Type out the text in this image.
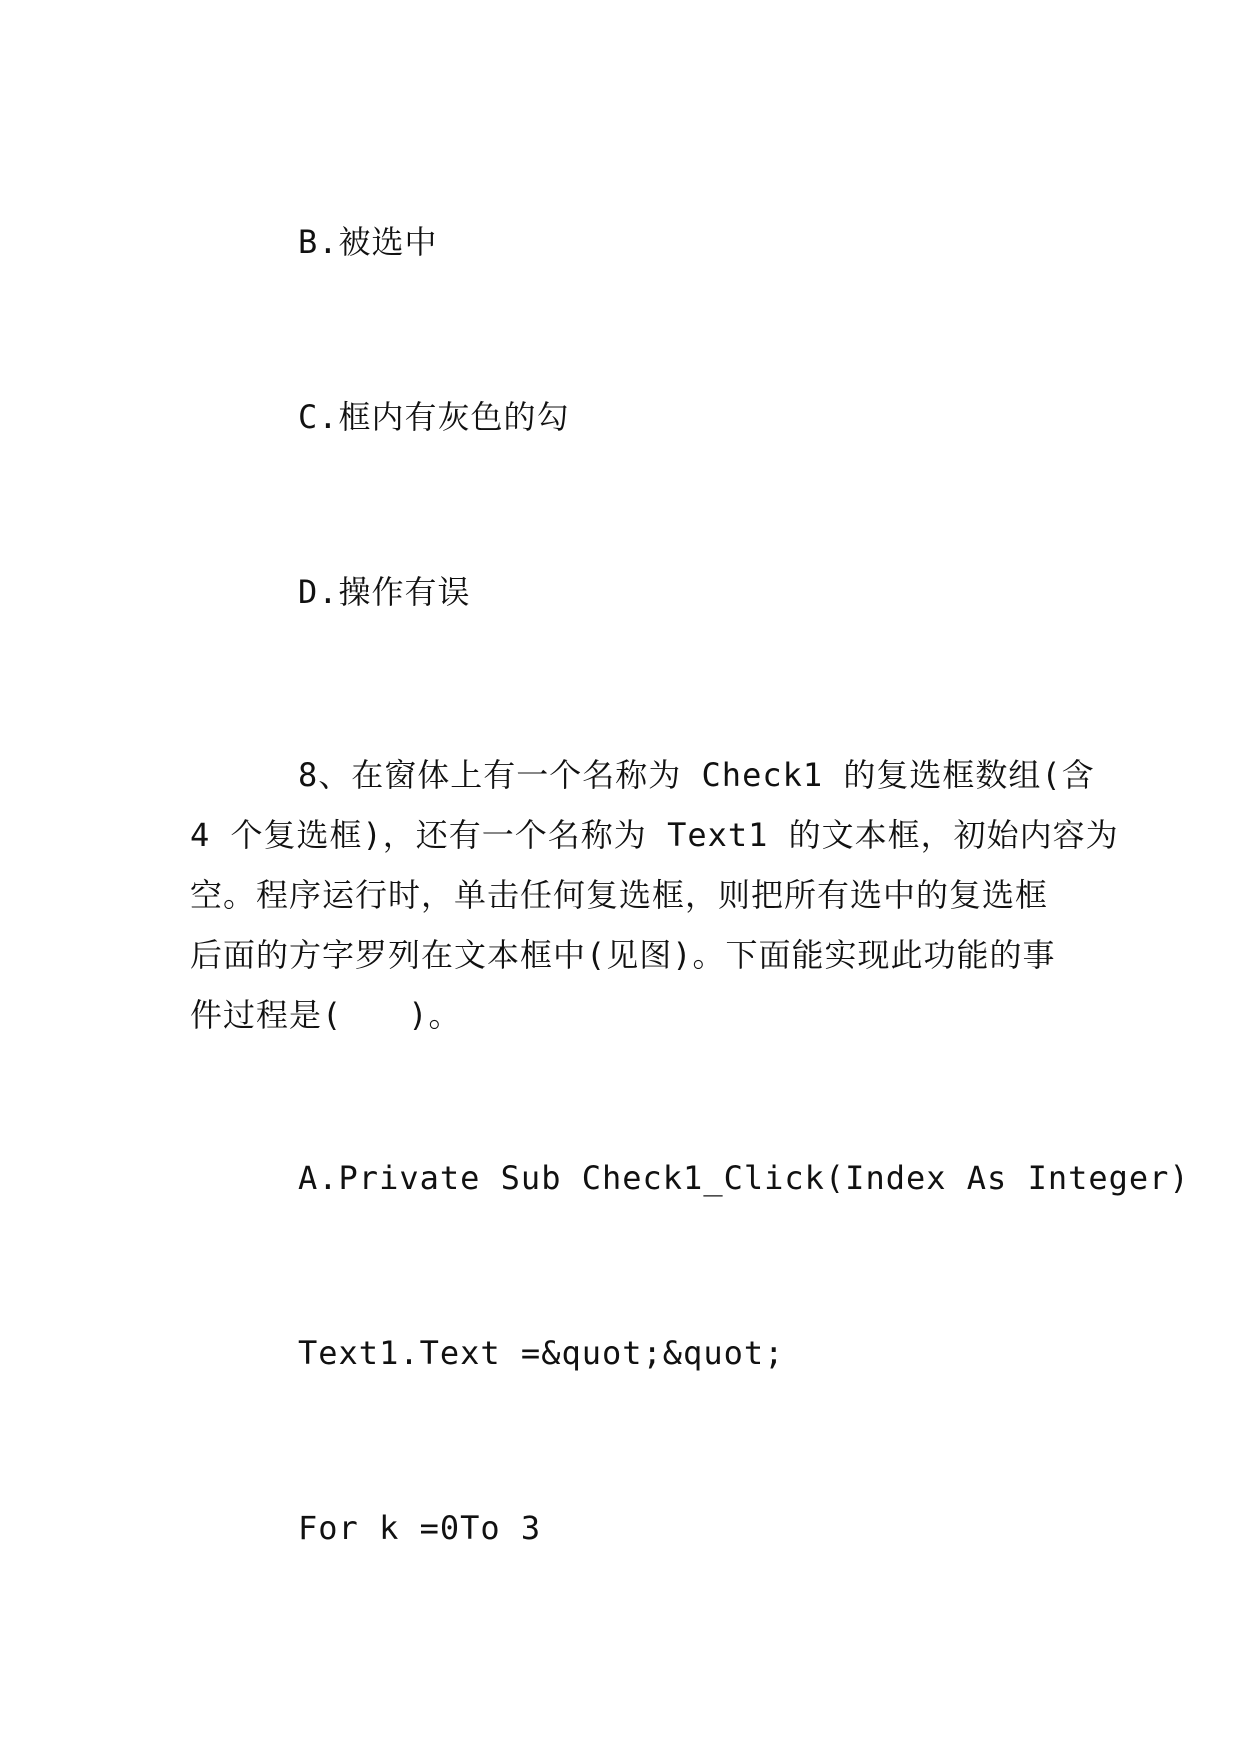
B.被选中
C.框内有灰色的勾
D.操作有误
8、在窗体上有一个名称为 Check1 的复选框数组(含
4 个复选框)，还有一个名称为 Text1 的文本框，初始内容为
空。程序运行时，单击任何复选框，则把所有选中的复选框
后面的方字罗列在文本框中(见图)。下面能实现此功能的事
件过程是(　　)。
A.Private Sub Check1_Click(Index As Integer)
Text1.Text =&quot;&quot;
For k =0To 3
